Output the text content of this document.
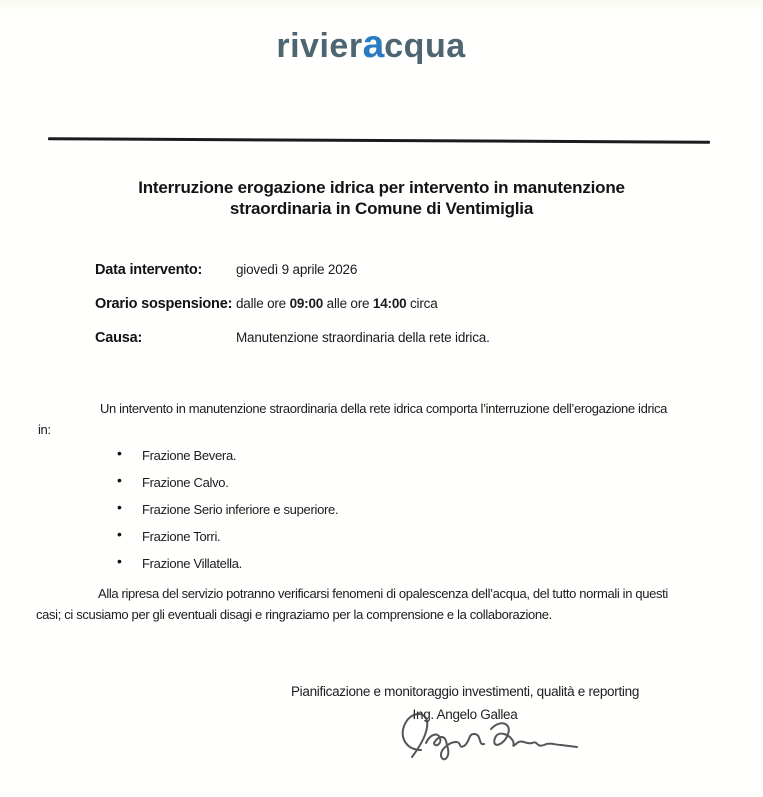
rivieracqua
Interruzione erogazione idrica per intervento in manutenzione
straordinaria in Comune di Ventimiglia
Data intervento:	giovedì 9 aprile 2026
Orario sospensione: dalle ore 09:00 alle ore 14:00 circa
Causa:	Manutenzione straordinaria della rete idrica.
Un intervento in manutenzione straordinaria della rete idrica comporta l’interruzione dell’erogazione idrica
in:
• Frazione Bevera.
• Frazione Calvo.
• Frazione Serio inferiore e superiore.
• Frazione Torri.
• Frazione Villatella.
Alla ripresa del servizio potranno verificarsi fenomeni di opalescenza dell’acqua, del tutto normali in questi
casi; ci scusiamo per gli eventuali disagi e ringraziamo per la comprensione e la collaborazione.
Pianificazione e monitoraggio investimenti, qualità e reporting
Ing. Angelo Gallea
